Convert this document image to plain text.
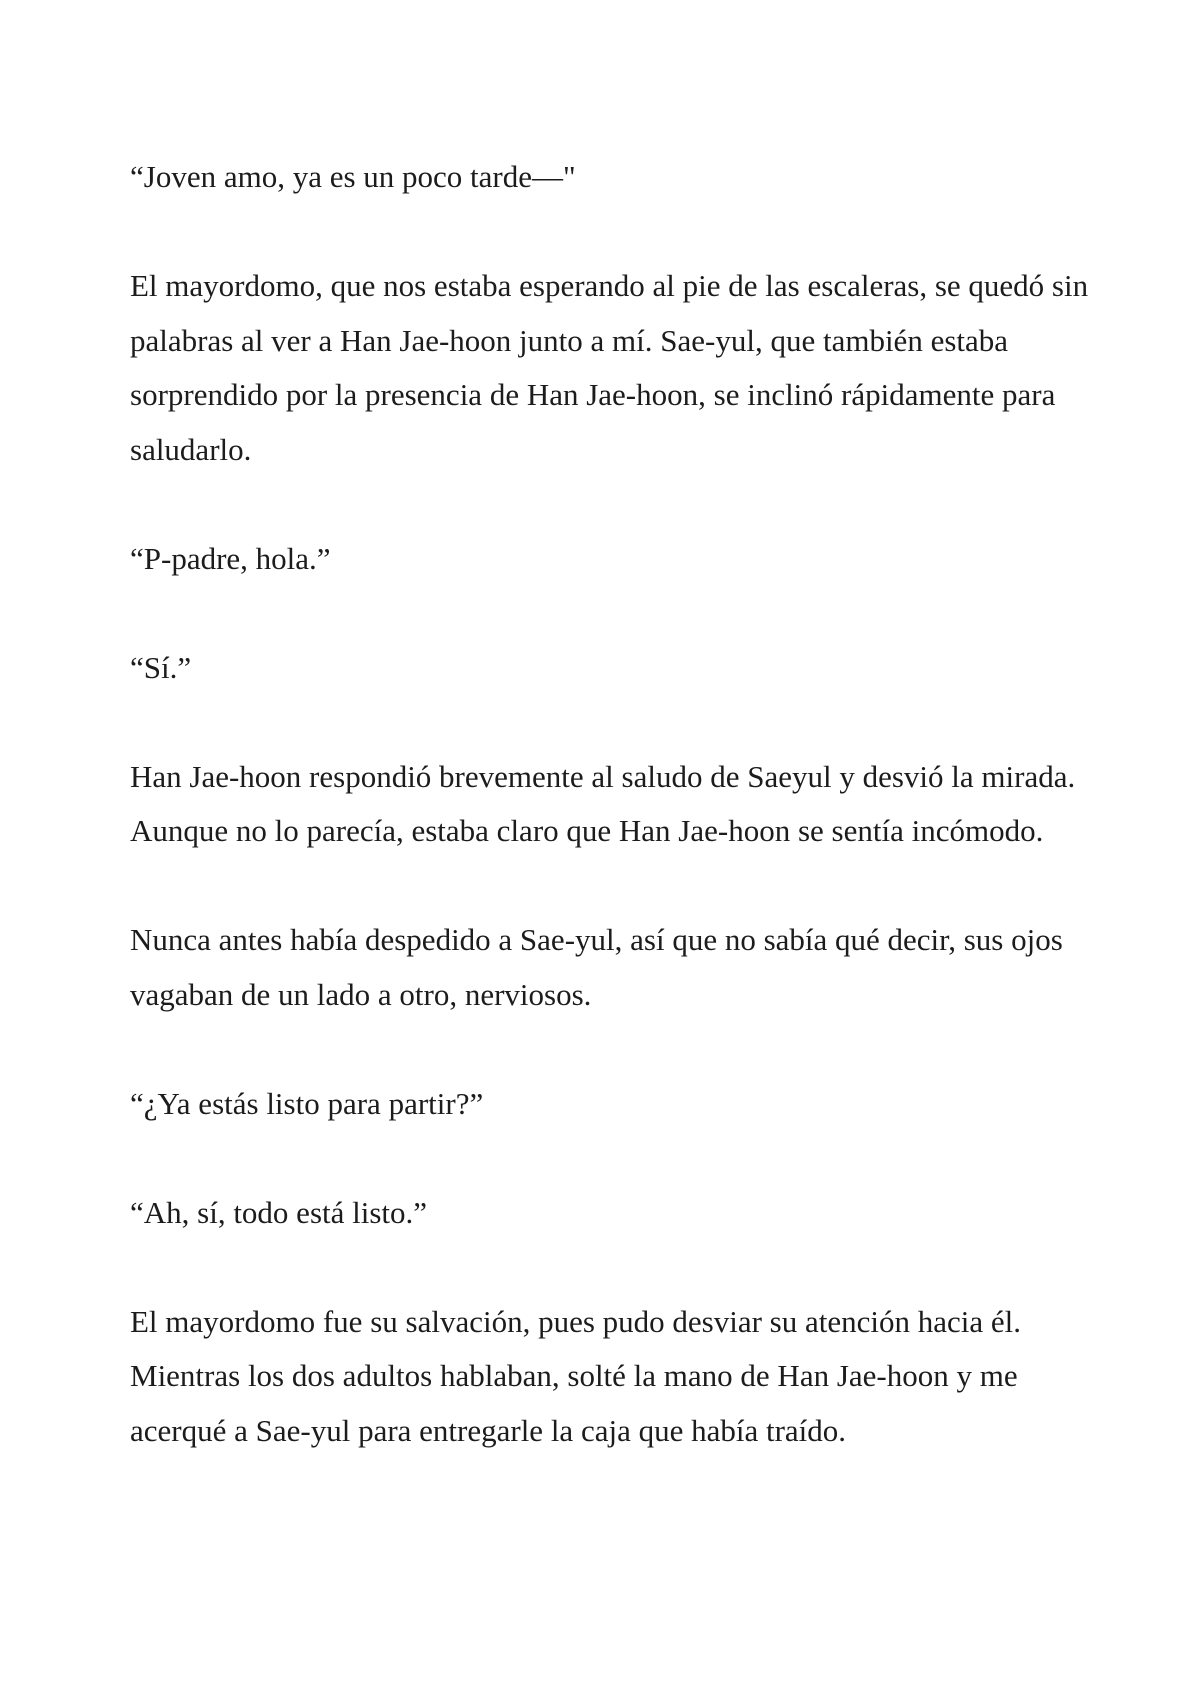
“Joven amo, ya es un poco tarde—"

El mayordomo, que nos estaba esperando al pie de las escaleras, se quedó sin palabras al ver a Han Jae-hoon junto a mí. Sae-yul, que también estaba sorprendido por la presencia de Han Jae-hoon, se inclinó rápidamente para saludarlo.

“P-padre, hola.”

“Sí.”

Han Jae-hoon respondió brevemente al saludo de Saeyul y desvió la mirada. Aunque no lo parecía, estaba claro que Han Jae-hoon se sentía incómodo.

Nunca antes había despedido a Sae-yul, así que no sabía qué decir, sus ojos vagaban de un lado a otro, nerviosos.

“¿Ya estás listo para partir?”

“Ah, sí, todo está listo.”

El mayordomo fue su salvación, pues pudo desviar su atención hacia él. Mientras los dos adultos hablaban, solté la mano de Han Jae-hoon y me acerqué a Sae-yul para entregarle la caja que había traído.
